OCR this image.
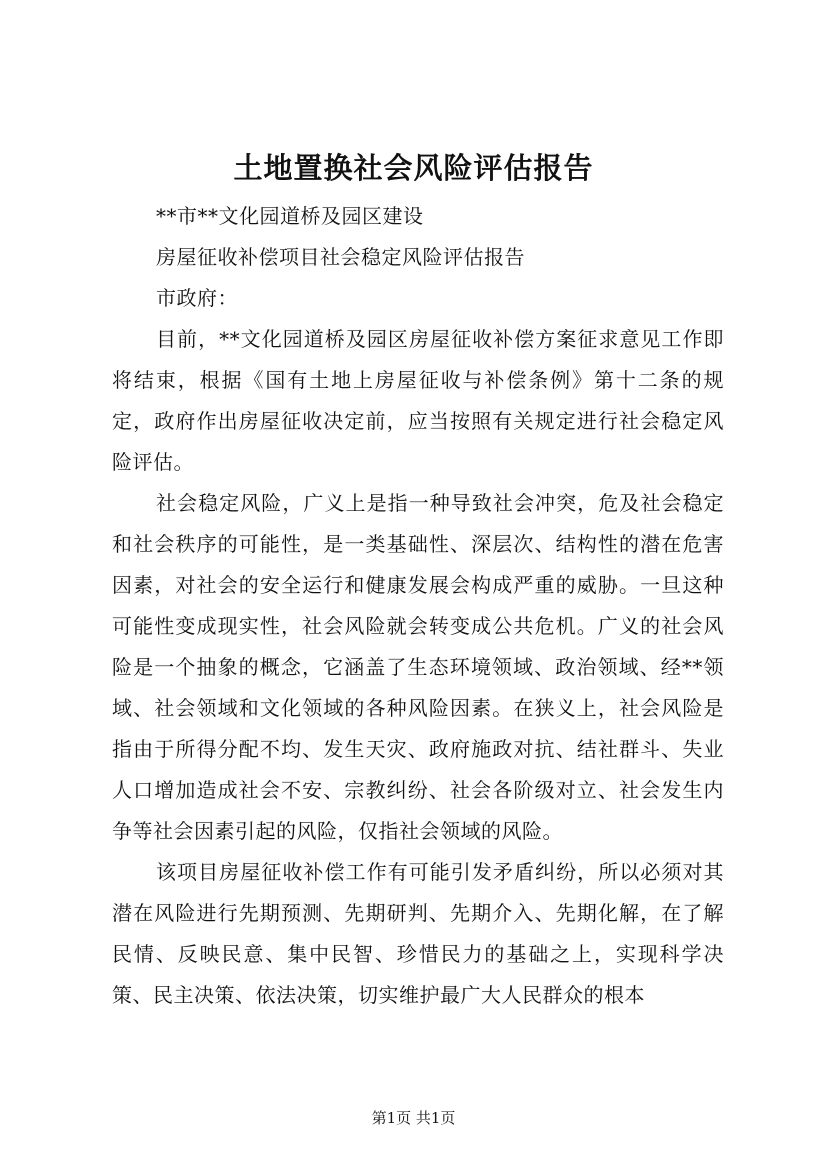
土地置换社会风险评估报告

**市**文化园道桥及园区建设

房屋征收补偿项目社会稳定风险评估报告

市政府：

目前，**文化园道桥及园区房屋征收补偿方案征求意见工作即将结束，根据《国有土地上房屋征收与补偿条例》第十二条的规定，政府作出房屋征收决定前，应当按照有关规定进行社会稳定风险评估。

社会稳定风险，广义上是指一种导致社会冲突，危及社会稳定和社会秩序的可能性，是一类基础性、深层次、结构性的潜在危害因素，对社会的安全运行和健康发展会构成严重的威胁。一旦这种可能性变成现实性，社会风险就会转变成公共危机。广义的社会风险是一个抽象的概念，它涵盖了生态环境领域、政治领域、经**领域、社会领域和文化领域的各种风险因素。在狭义上，社会风险是指由于所得分配不均、发生天灾、政府施政对抗、结社群斗、失业人口增加造成社会不安、宗教纠纷、社会各阶级对立、社会发生内争等社会因素引起的风险，仅指社会领域的风险。

该项目房屋征收补偿工作有可能引发矛盾纠纷，所以必须对其潜在风险进行先期预测、先期研判、先期介入、先期化解，在了解民情、反映民意、集中民智、珍惜民力的基础之上，实现科学决策、民主决策、依法决策，切实维护最广大人民群众的根本

第1页 共1页
